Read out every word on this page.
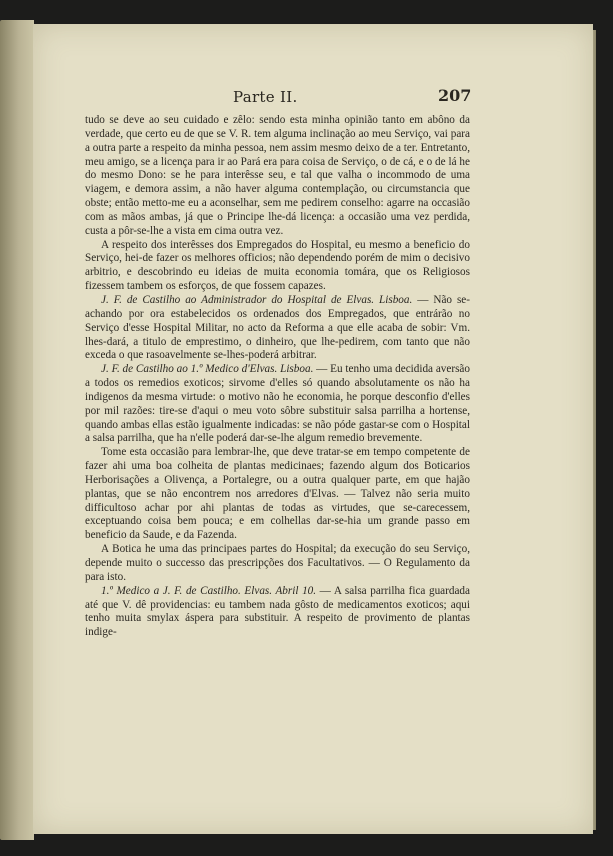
Parte II.	207

tudo se deve ao seu cuidado e zêlo: sendo esta minha opinião tanto em abôno da verdade, que certo eu de que se V. R. tem alguma inclinação ao meu Serviço, vai para a outra parte a respeito da minha pessoa, nem assim mesmo deixo de a ter. Entretanto, meu amigo, se a licença para ir ao Pará era para coisa de Serviço, o de cá, e o de lá he do mesmo Dono: se he para interêsse seu, e tal que valha o incommodo de uma viagem, e demora assim, a não haver alguma contemplação, ou circumstancia que obste; então metto-me eu a aconselhar, sem me pedirem conselho: agarre na occasião com as mãos ambas, já que o Principe lhe-dá licença: a occasião uma vez perdida, custa a pôr-se-lhe a vista em cima outra vez.

A respeito dos interêsses dos Empregados do Hospital, eu mesmo a beneficio do Serviço, hei-de fazer os melhores officios; não dependendo porém de mim o decisivo arbitrio, e descobrindo eu ideias de muita economia tomára, que os Religiosos fizessem tambem os esforços, de que fossem capazes.

J. F. de Castilho ao Administrador do Hospital de Elvas. Lisboa. — Não se-achando por ora estabelecidos os ordenados dos Empregados, que entrárão no Serviço d'esse Hospital Militar, no acto da Reforma a que elle acaba de sobir: Vm. lhes-dará, a titulo de emprestimo, o dinheiro, que lhe-pedirem, com tanto que não exceda o que rasoavelmente se-lhes-poderá arbitrar.

J. F. de Castilho ao 1.º Medico d'Elvas. Lisboa. — Eu tenho uma decidida aversão a todos os remedios exoticos; sirvome d'elles só quando absolutamente os não ha indigenos da mesma virtude: o motivo não he economia, he porque desconfio d'elles por mil razões: tire-se d'aqui o meu voto sôbre substituir salsa parrilha a hortense, quando ambas ellas estão igualmente indicadas: se não póde gastar-se com o Hospital a salsa parrilha, que ha n'elle poderá dar-se-lhe algum remedio brevemente.

Tome esta occasião para lembrar-lhe, que deve tratar-se em tempo competente de fazer ahi uma boa colheita de plantas medicinaes; fazendo algum dos Boticarios Herborisações a Olivença, a Portalegre, ou a outra qualquer parte, em que hajão plantas, que se não encontrem nos arredores d'Elvas. — Talvez não seria muito difficultoso achar por ahi plantas de todas as virtudes, que se-carecessem, exceptuando coisa bem pouca; e em colhellas dar-se-hia um grande passo em beneficio da Saude, e da Fazenda.

A Botica he uma das principaes partes do Hospital; da execução do seu Serviço, depende muito o successo das prescripções dos Facultativos. — O Regulamento da para isto.

1.º Medico a J. F. de Castilho. Elvas. Abril 10. — A salsa parrilha fica guardada até que V. dê providencias: eu tambem nada gôsto de medicamentos exoticos; aqui tenho muita smylax áspera para substituir. A respeito de provimento de plantas indige-
